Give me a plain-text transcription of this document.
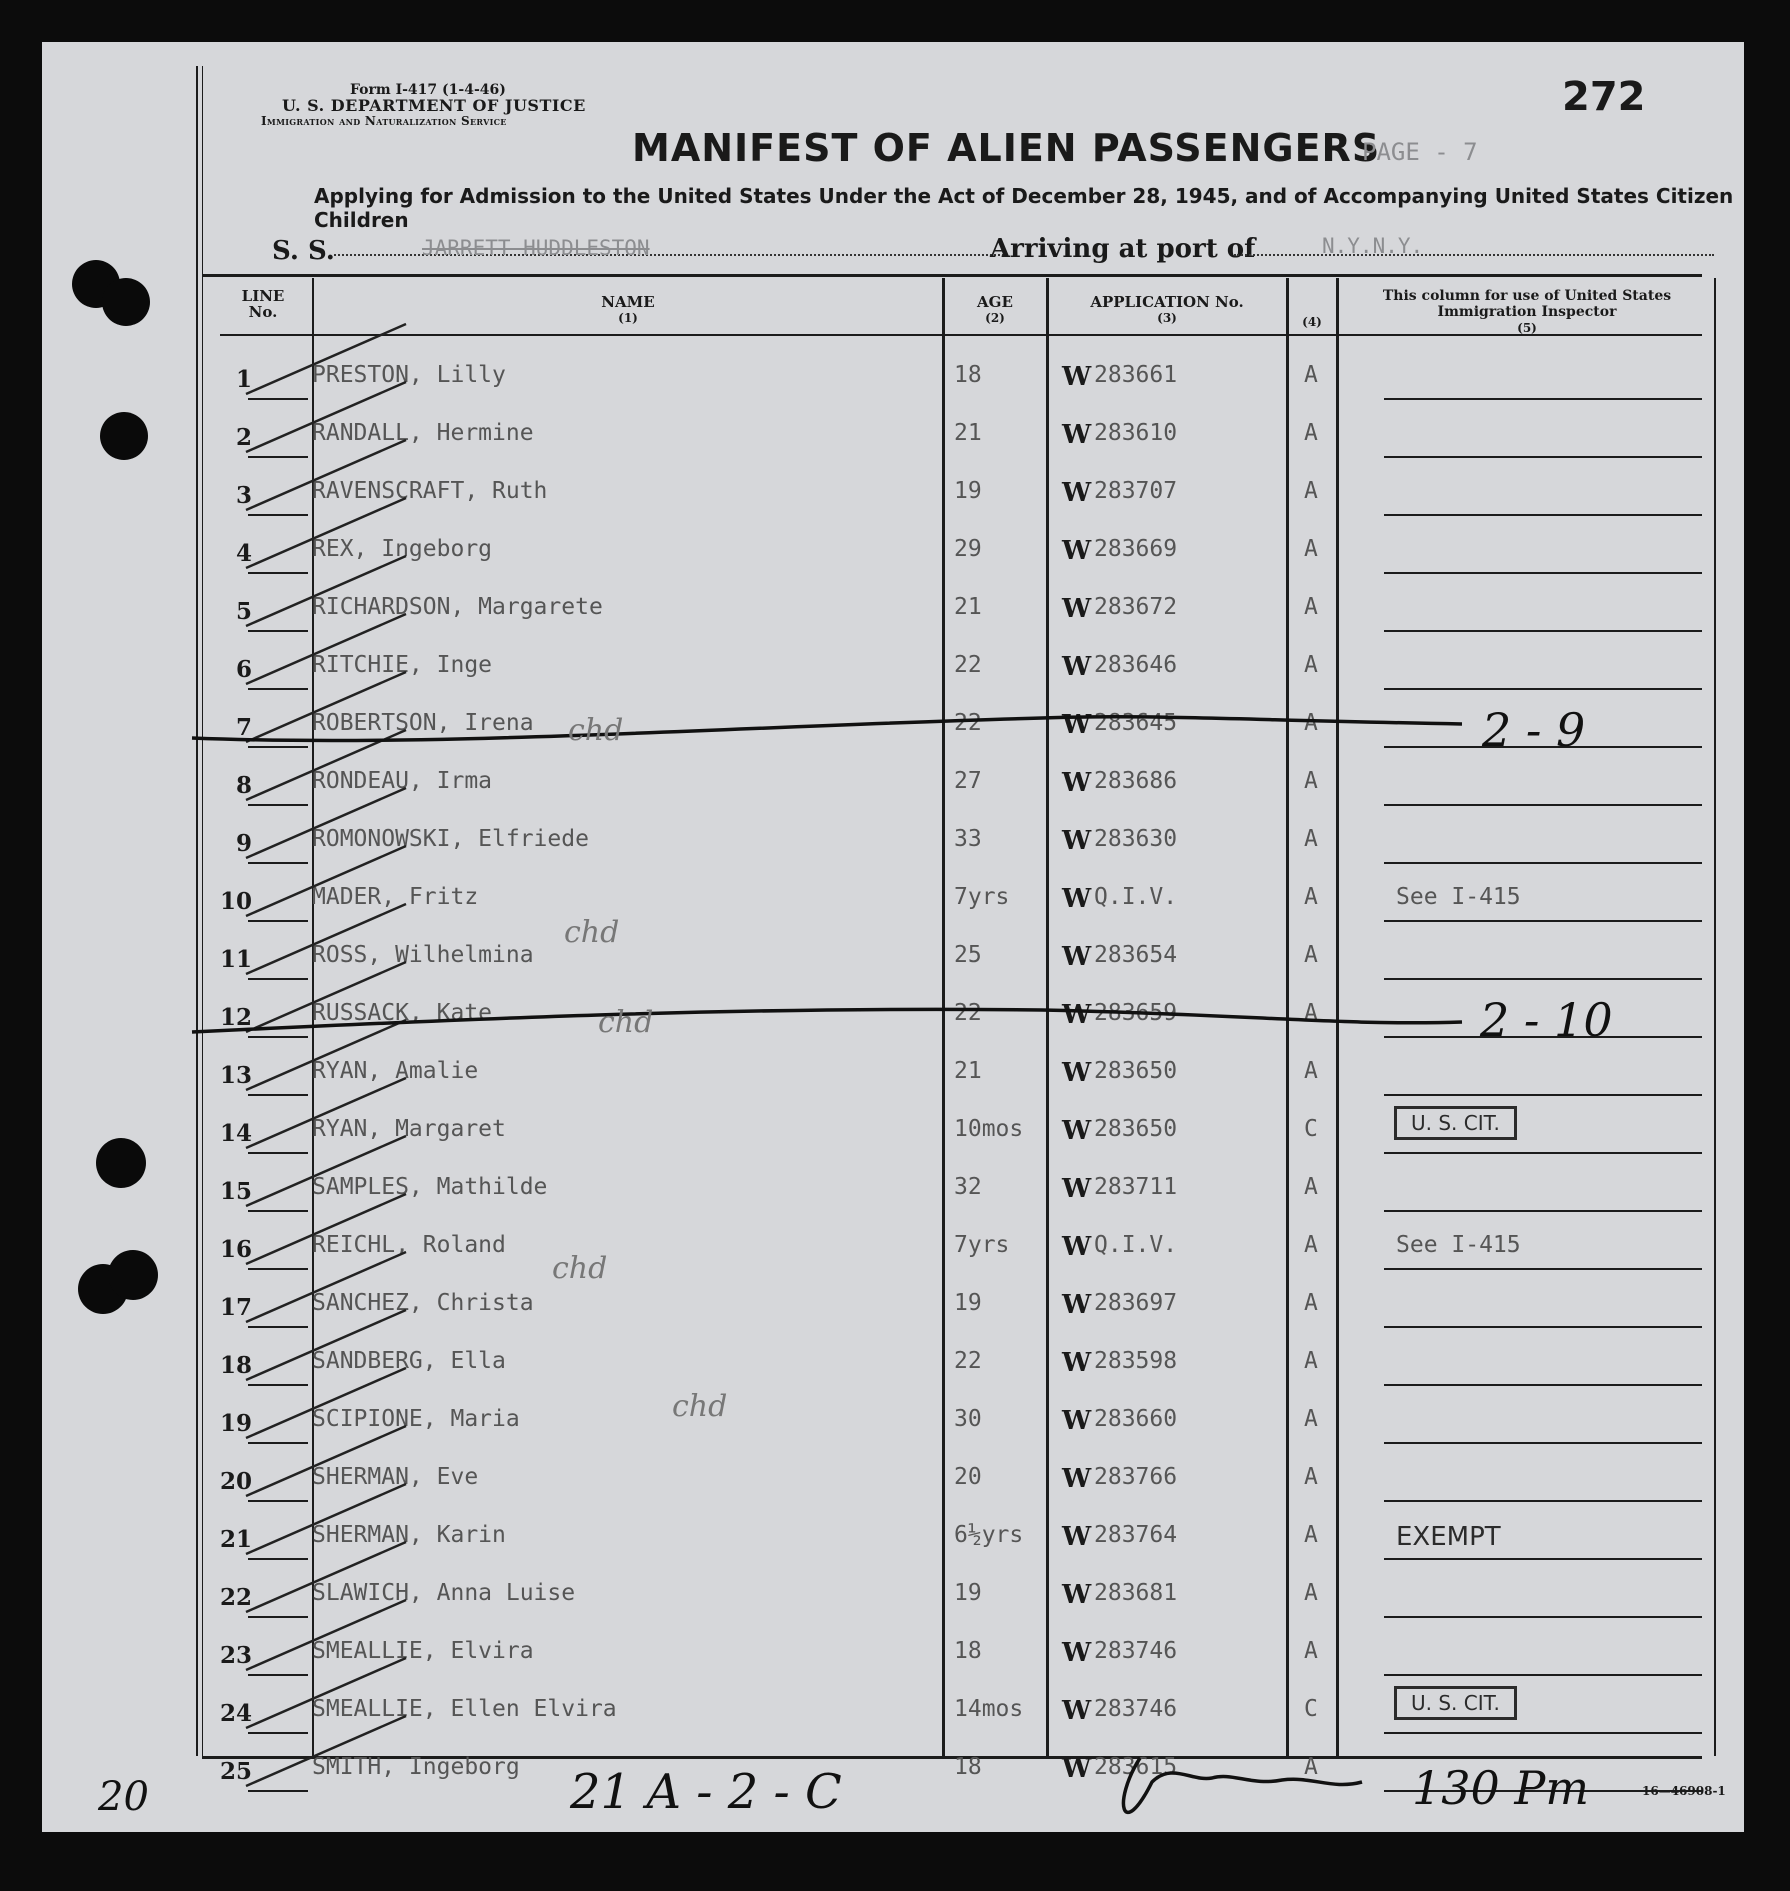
Form I-417 (1-4-46)
U. S. DEPARTMENT OF JUSTICE
Immigration and Naturalization Service
MANIFEST OF ALIEN PASSENGERS
PAGE - 7
272
Applying for Admission to the United States Under the Act of December 28, 1945, and of Accompanying United States Citizen Children
S. S.	JARRETT HUDDLESTON	Arriving at port of	N.Y.N.Y.
LINE No.
NAME
(1)
AGE
(2)
APPLICATION No.
(3)	(4)
This column for use of United States Immigration Inspector
(5)
1	PRESTON, Lilly	18	W 283661	A
2	RANDALL, Hermine	21	W 283610	A
3	RAVENSCRAFT, Ruth	19	W 283707	A
4	REX, Ingeborg	29	W 283669	A
5	RICHARDSON, Margarete	21	W 283672	A
6	RITCHIE, Inge	22	W 283646	A
7	ROBERTSON, Irena	22	W 283645	A
8	RONDEAU, Irma	27	W 283686	A
9	ROMONOWSKI, Elfriede	33	W 283630	A
10	MADER, Fritz	7yrs W Q.I.V.	A	See I-415
11	ROSS, Wilhelmina	25	W 283654	A
12	RUSSACK, Kate	22	W 283659	A
13	RYAN, Amalie	21	W 283650	A
14	RYAN, Margaret	10mos W 283650	C	U. S. CIT.
15	SAMPLES, Mathilde	32	W 283711	A
16	REICHL, Roland	7yrs W Q.I.V.	A	See I-415
17	SANCHEZ, Christa	19	W 283697	A
18	SANDBERG, Ella	22	W 283598	A
19	SCIPIONE, Maria	30	W 283660	A
20	SHERMAN, Eve	20	W 283766	A
21	SHERMAN, Karin	6½yrs W 283764	A	EXEMPT
22	SLAWICH, Anna Luise	19	W 283681	A
23	SMEALLIE, Elvira	18	W 283746	A
24	SMEALLIE, Ellen Elvira	14mos W 283746	C	U. S. CIT.
25	SMITH, Ingeborg	18	W 283615	A
16—46908-1
2 - 9
2 - 10
chd
chd
chd
chd
chd
20	21 A - 2 - C	130 Pm
